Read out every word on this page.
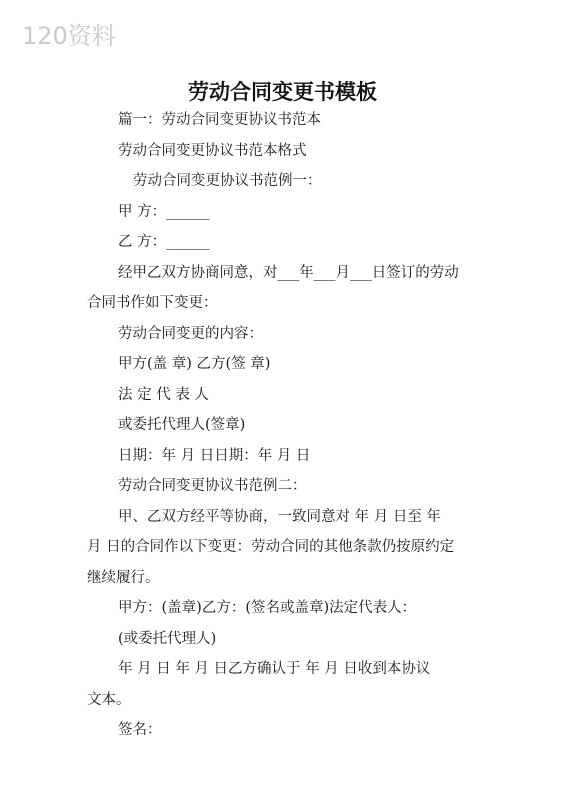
120资料
劳动合同变更书模板
篇一：劳动合同变更协议书范本
劳动合同变更协议书范本格式
劳动合同变更协议书范例一：
甲 方：______
乙 方：______
经甲乙双方协商同意，对___年___月___日签订的劳动
合同书作如下变更：
劳动合同变更的内容：
甲方(盖 章) 乙方(签 章)
法 定 代 表 人
或委托代理人(签章)
日期：年 月 日日期：年 月 日
劳动合同变更协议书范例二：
甲、乙双方经平等协商，一致同意对 年 月 日至 年
月 日的合同作以下变更：劳动合同的其他条款仍按原约定
继续履行。
甲方：(盖章)乙方：(签名或盖章)法定代表人：
(或委托代理人)
年 月 日 年 月 日乙方确认于 年 月 日收到本协议
文本。
签名：
